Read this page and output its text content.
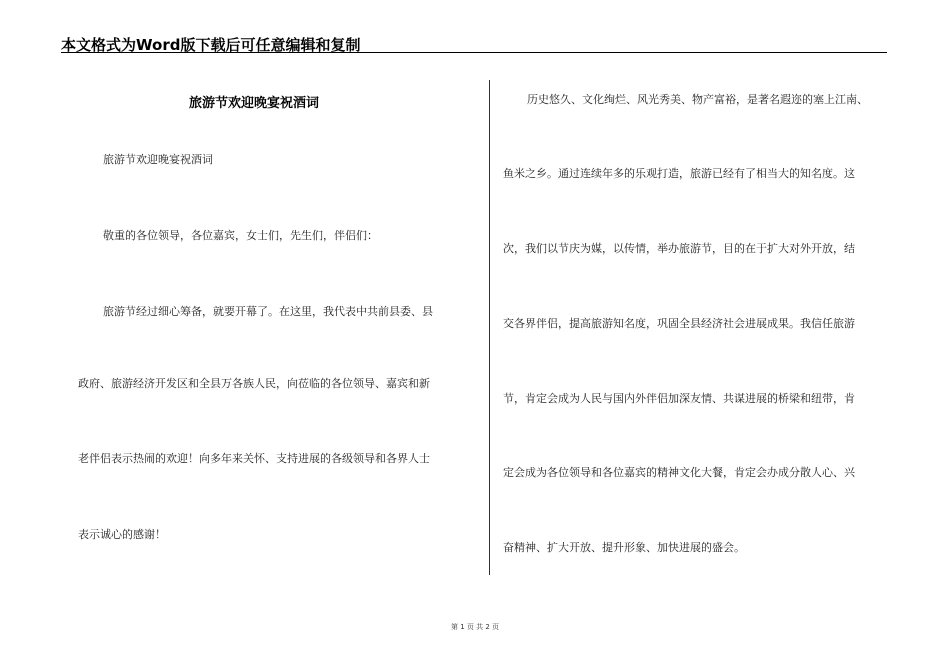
本文格式为Word版下载后可任意编辑和复制
旅游节欢迎晚宴祝酒词
旅游节欢迎晚宴祝酒词
敬重的各位领导，各位嘉宾，女士们，先生们，伴侣们：
旅游节经过细心筹备，就要开幕了。在这里，我代表中共前县委、县
政府、旅游经济开发区和全县万各族人民，向莅临的各位领导、嘉宾和新
老伴侣表示热闹的欢迎！向多年来关怀、支持进展的各级领导和各界人士
表示诚心的感谢！
历史悠久、文化绚烂、风光秀美、物产富裕，是著名遐迩的塞上江南、
鱼米之乡。通过连续年多的乐观打造，旅游已经有了相当大的知名度。这
次，我们以节庆为媒，以传情，举办旅游节，目的在于扩大对外开放，结
交各界伴侣，提高旅游知名度，巩固全县经济社会进展成果。我信任旅游
节，肯定会成为人民与国内外伴侣加深友情、共谋进展的桥梁和纽带，肯
定会成为各位领导和各位嘉宾的精神文化大餐，肯定会办成分散人心、兴
奋精神、扩大开放、提升形象、加快进展的盛会。
第 1 页 共 2 页
